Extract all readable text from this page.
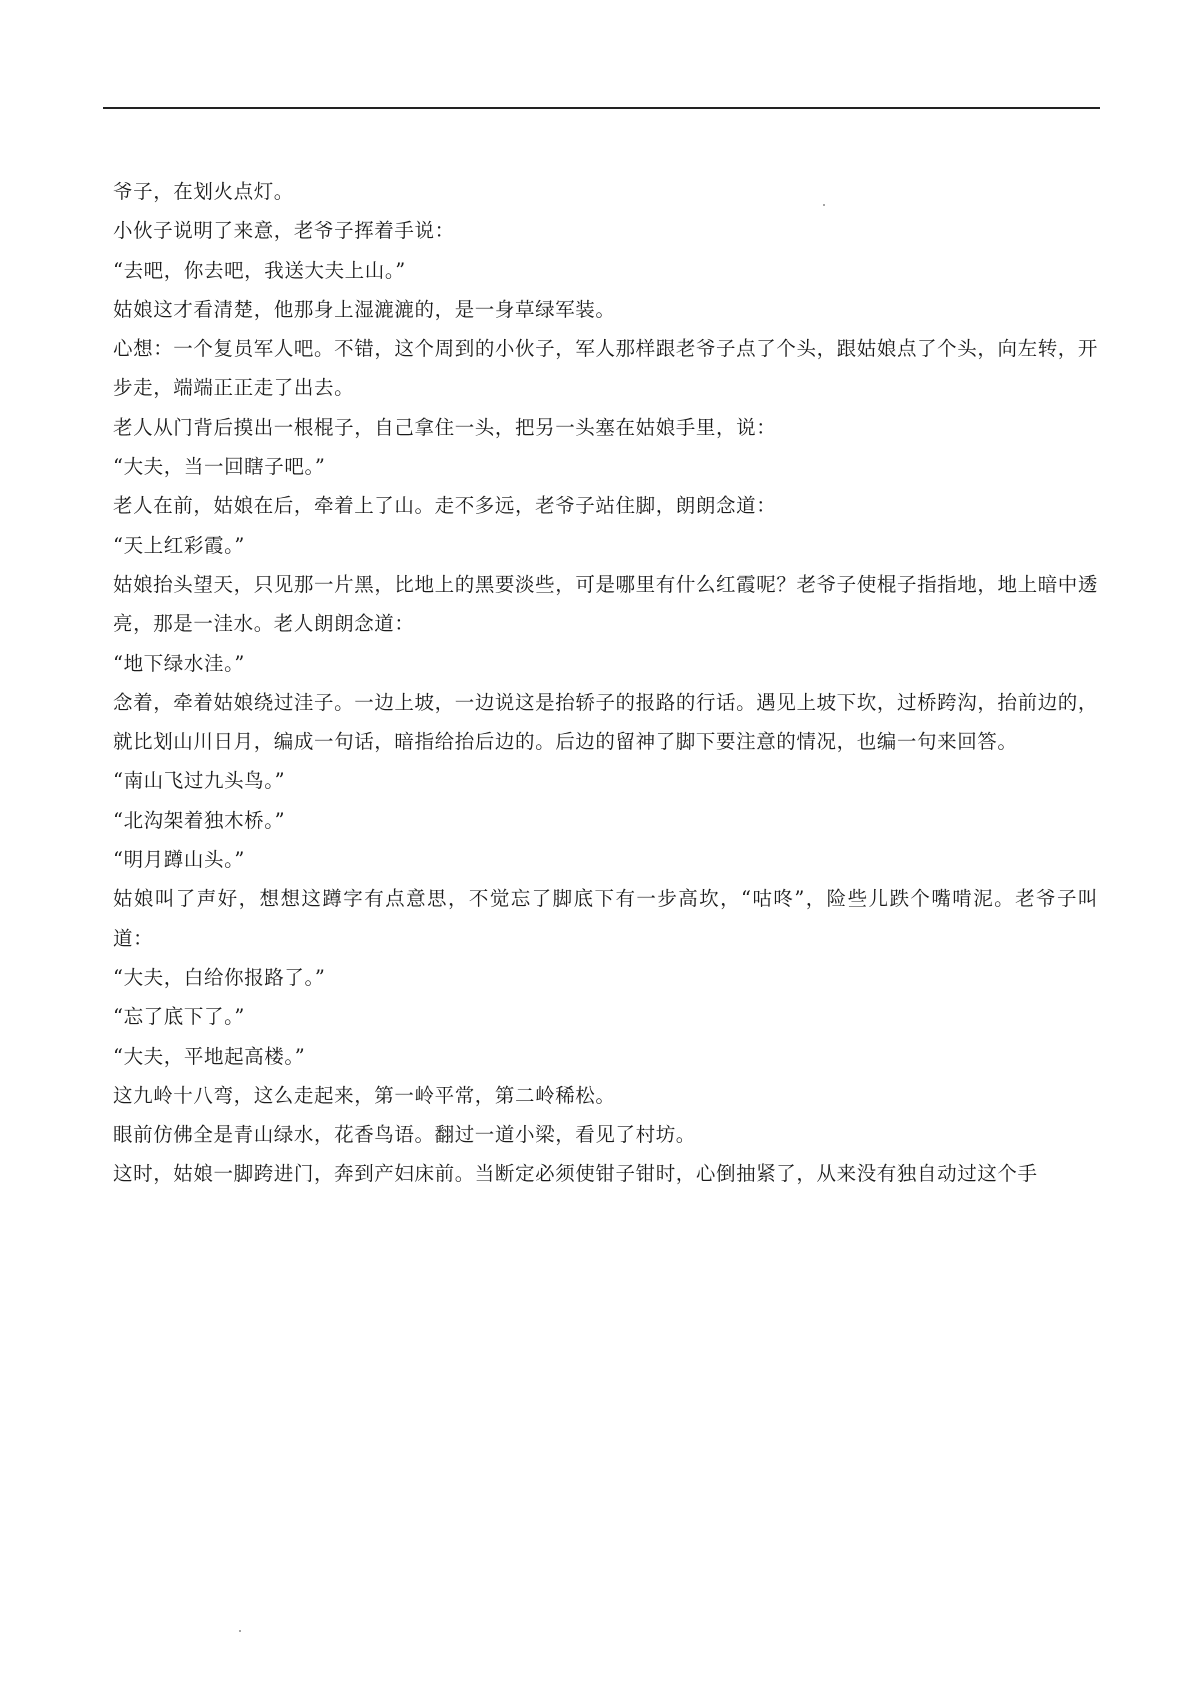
爷子，在划火点灯。

小伙子说明了来意，老爷子挥着手说：

“去吧，你去吧，我送大夫上山。”

姑娘这才看清楚，他那身上湿漉漉的，是一身草绿军装。

心想：一个复员军人吧。不错，这个周到的小伙子，军人那样跟老爷子点了个头，跟姑娘点了个头，向左转，开步走，端端正正走了出去。

老人从门背后摸出一根棍子，自己拿住一头，把另一头塞在姑娘手里，说：

“大夫，当一回瞎子吧。”

老人在前，姑娘在后，牵着上了山。走不多远，老爷子站住脚，朗朗念道：

“天上红彩霞。”

姑娘抬头望天，只见那一片黑，比地上的黑要淡些，可是哪里有什么红霞呢？老爷子使棍子指指地，地上暗中透亮，那是一洼水。老人朗朗念道：

“地下绿水洼。”

念着，牵着姑娘绕过洼子。一边上坡，一边说这是抬轿子的报路的行话。遇见上坡下坎，过桥跨沟，抬前边的，就比划山川日月，编成一句话，暗指给抬后边的。后边的留神了脚下要注意的情况，也编一句来回答。

“南山飞过九头鸟。”

“北沟架着独木桥。”

“明月蹲山头。”

姑娘叫了声好，想想这蹲字有点意思，不觉忘了脚底下有一步高坎，“咕咚”，险些儿跌个嘴啃泥。老爷子叫道：

“大夫，白给你报路了。”

“忘了底下了。”

“大夫，平地起高楼。”

这九岭十八弯，这么走起来，第一岭平常，第二岭稀松。

眼前仿佛全是青山绿水，花香鸟语。翻过一道小梁，看见了村坊。

这时，姑娘一脚跨进门，奔到产妇床前。当断定必须使钳子钳时，心倒抽紧了，从来没有独自动过这个手
